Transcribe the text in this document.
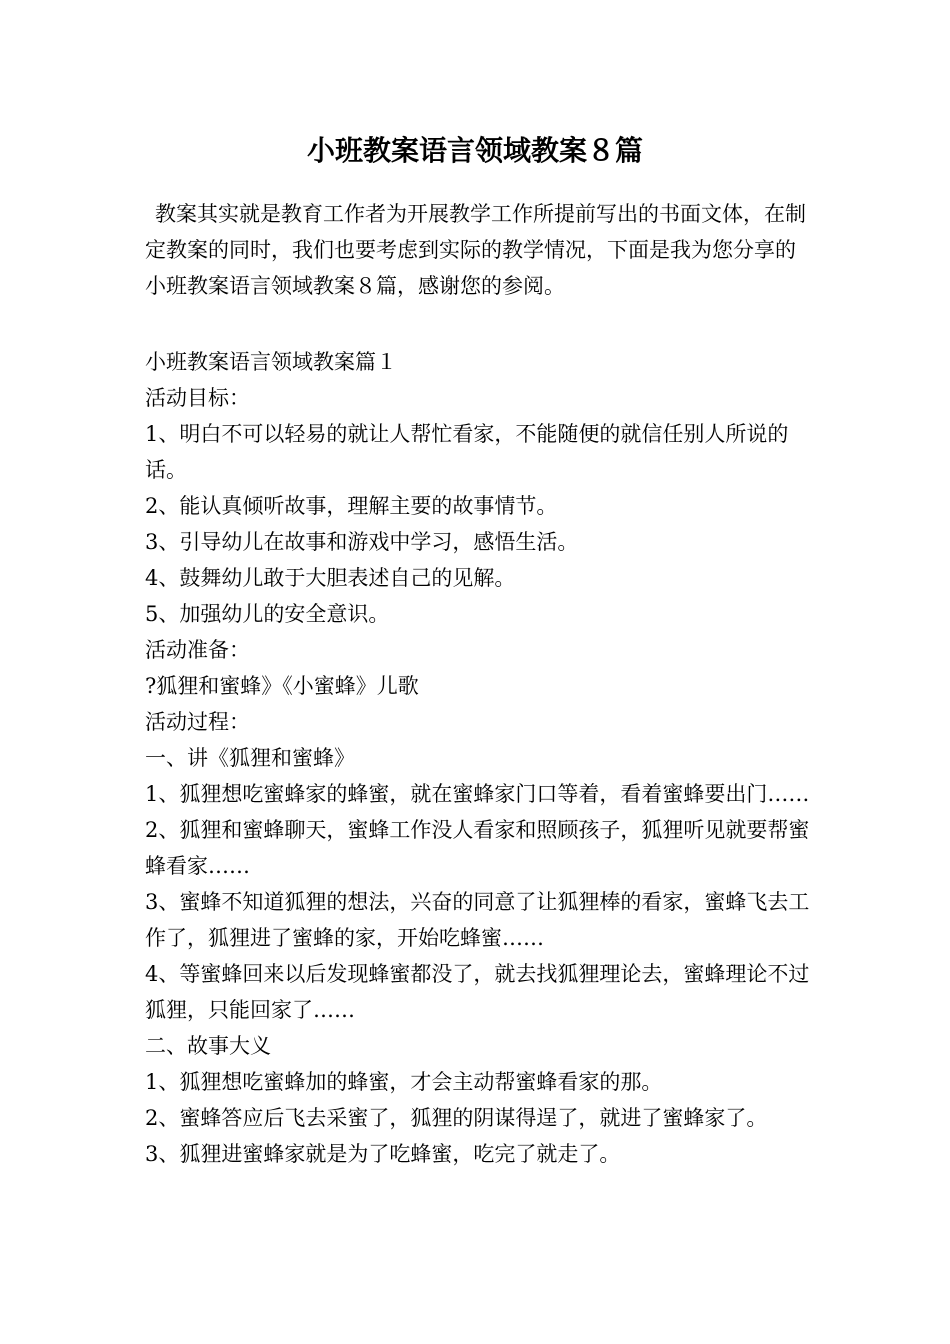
小班教案语言领域教案８篇

教案其实就是教育工作者为开展教学工作所提前写出的书面文体，在制定教案的同时，我们也要考虑到实际的教学情况，下面是我为您分享的小班教案语言领域教案８篇，感谢您的参阅。

小班教案语言领域教案篇１

活动目标：

1、明白不可以轻易的就让人帮忙看家，不能随便的就信任别人所说的话。

2、能认真倾听故事，理解主要的故事情节。

3、引导幼儿在故事和游戏中学习，感悟生活。

4、鼓舞幼儿敢于大胆表述自己的见解。

5、加强幼儿的安全意识。

活动准备：

?狐狸和蜜蜂》《小蜜蜂》儿歌

活动过程：

一、讲《狐狸和蜜蜂》

1、狐狸想吃蜜蜂家的蜂蜜，就在蜜蜂家门口等着，看着蜜蜂要出门……

2、狐狸和蜜蜂聊天，蜜蜂工作没人看家和照顾孩子，狐狸听见就要帮蜜蜂看家……

3、蜜蜂不知道狐狸的想法，兴奋的同意了让狐狸棒的看家，蜜蜂飞去工作了，狐狸进了蜜蜂的家，开始吃蜂蜜……

4、等蜜蜂回来以后发现蜂蜜都没了，就去找狐狸理论去，蜜蜂理论不过狐狸，只能回家了……

二、故事大义

1、狐狸想吃蜜蜂加的蜂蜜，才会主动帮蜜蜂看家的那。

2、蜜蜂答应后飞去采蜜了，狐狸的阴谋得逞了，就进了蜜蜂家了。

3、狐狸进蜜蜂家就是为了吃蜂蜜，吃完了就走了。
